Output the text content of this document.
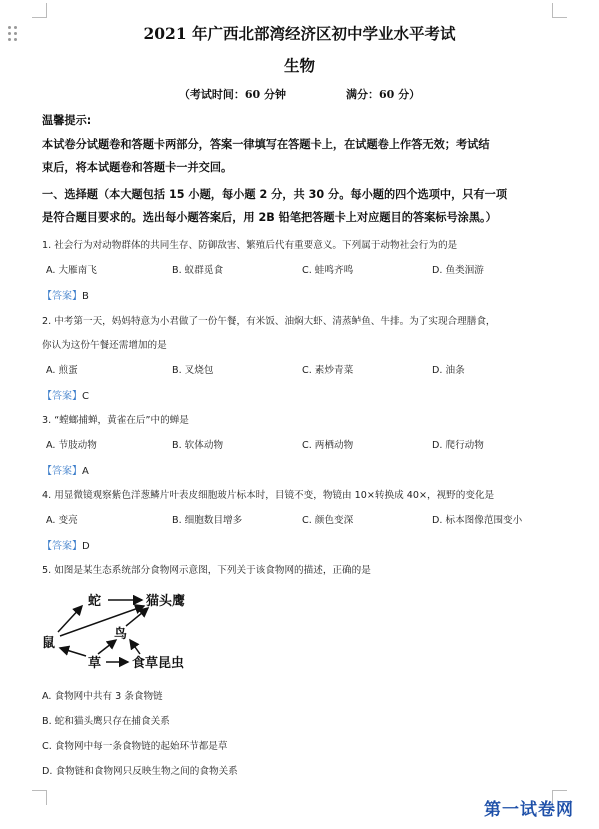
2021 年广西北部湾经济区初中学业水平考试
生物
（考试时间：60 分钟	满分：60 分）
温馨提示:
本试卷分试题卷和答题卡两部分，答案一律填写在答题卡上，在试题卷上作答无效；考试结
束后，将本试题卷和答题卡一并交回。
一、选择题（本大题包括 15 小题，每小题 2 分，共 30 分。每小题的四个选项中，只有一项
是符合题目要求的。选出每小题答案后，用 2B 铅笔把答题卡上对应题目的答案标号涂黑。）
1. 社会行为对动物群体的共同生存、防御敌害、繁殖后代有重要意义。下列属于动物社会行为的是
A. 大雁南飞	B. 蚁群觅食	C. 蛙鸣齐鸣	D. 鱼类洄游
【答案】B
2. 中考第一天，妈妈特意为小君做了一份午餐，有米饭、油焖大虾、清蒸鲈鱼、牛排。为了实现合理膳食，
你认为这份午餐还需增加的是
A. 煎蛋	B. 叉烧包	C. 素炒青菜	D. 油条
【答案】C
3. “螳螂捕蝉，黄雀在后”中的蝉是
A. 节肢动物	B. 软体动物	C. 两栖动物	D. 爬行动物
【答案】A
4. 用显微镜观察紫色洋葱鳞片叶表皮细胞玻片标本时，目镜不变，物镜由 10×转换成 40×，视野的变化是
A. 变亮	B. 细胞数目增多	C. 颜色变深	D. 标本图像范围变小
【答案】D
5. 如图是某生态系统部分食物网示意图，下列关于该食物网的描述，正确的是
蛇	猫头鹰
鼠
鸟
草 食草昆虫
A. 食物网中共有 3 条食物链
B. 蛇和猫头鹰只存在捕食关系
C. 食物网中每一条食物链的起始环节都是草
D. 食物链和食物网只反映生物之间的食物关系
第一试卷网
